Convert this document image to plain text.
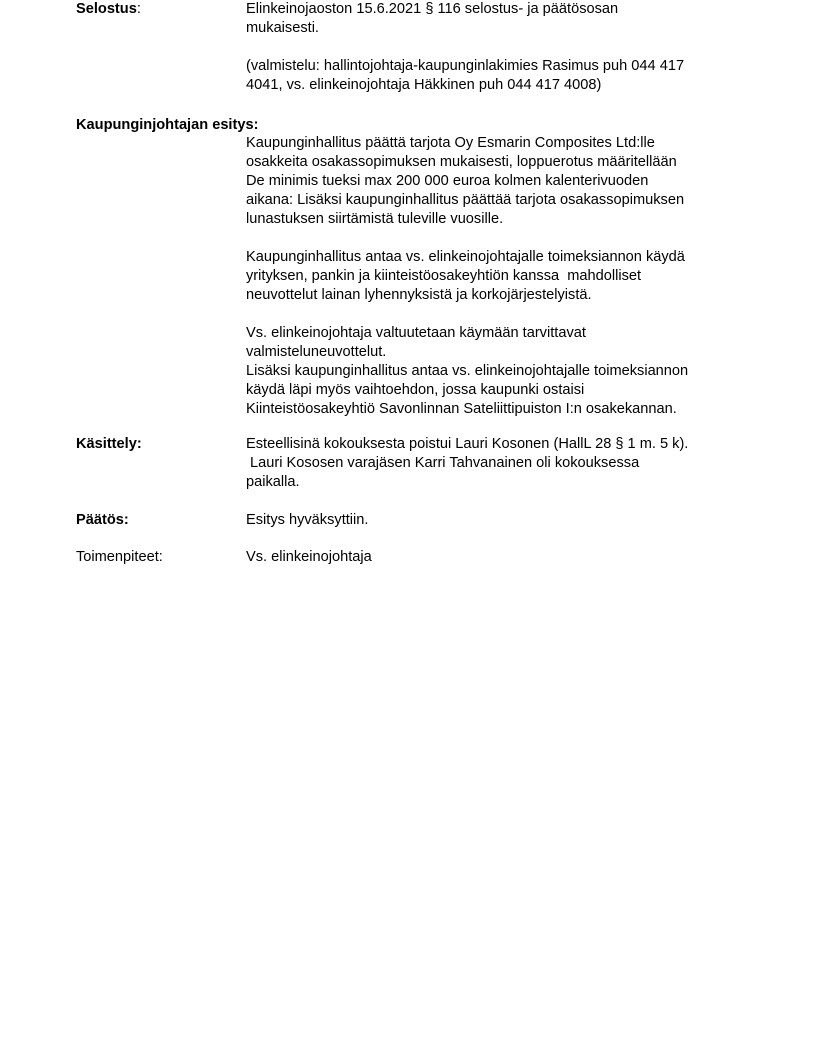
Selostus:	Elinkeinojaoston 15.6.2021 § 116 selostus- ja päätösosan
mukaisesti.
(valmistelu: hallintojohtaja-kaupunginlakimies Rasimus puh 044 417
4041, vs. elinkeinojohtaja Häkkinen puh 044 417 4008)
Kaupunginjohtajan esitys:
Kaupunginhallitus päättä tarjota Oy Esmarin Composites Ltd:lle
osakkeita osakassopimuksen mukaisesti, loppuerotus määritellään
De minimis tueksi max 200 000 euroa kolmen kalenterivuoden
aikana: Lisäksi kaupunginhallitus päättää tarjota osakassopimuksen
lunastuksen siirtämistä tuleville vuosille.
Kaupunginhallitus antaa vs. elinkeinojohtajalle toimeksiannon käydä
yrityksen, pankin ja kiinteistöosakeyhtiön kanssa  mahdolliset
neuvottelut lainan lyhennyksistä ja korkojärjestelyistä.
Vs. elinkeinojohtaja valtuutetaan käymään tarvittavat
valmisteluneuvottelut.
Lisäksi kaupunginhallitus antaa vs. elinkeinojohtajalle toimeksiannon
käydä läpi myös vaihtoehdon, jossa kaupunki ostaisi
Kiinteistöosakeyhtiö Savonlinnan Sateliittipuiston I:n osakekannan.
Käsittely:	Esteellisinä kokouksesta poistui Lauri Kosonen (HallL 28 § 1 m. 5 k).
Lauri Kososen varajäsen Karri Tahvanainen oli kokouksessa
paikalla.
Päätös:	Esitys hyväksyttiin.
Toimenpiteet:	Vs. elinkeinojohtaja
